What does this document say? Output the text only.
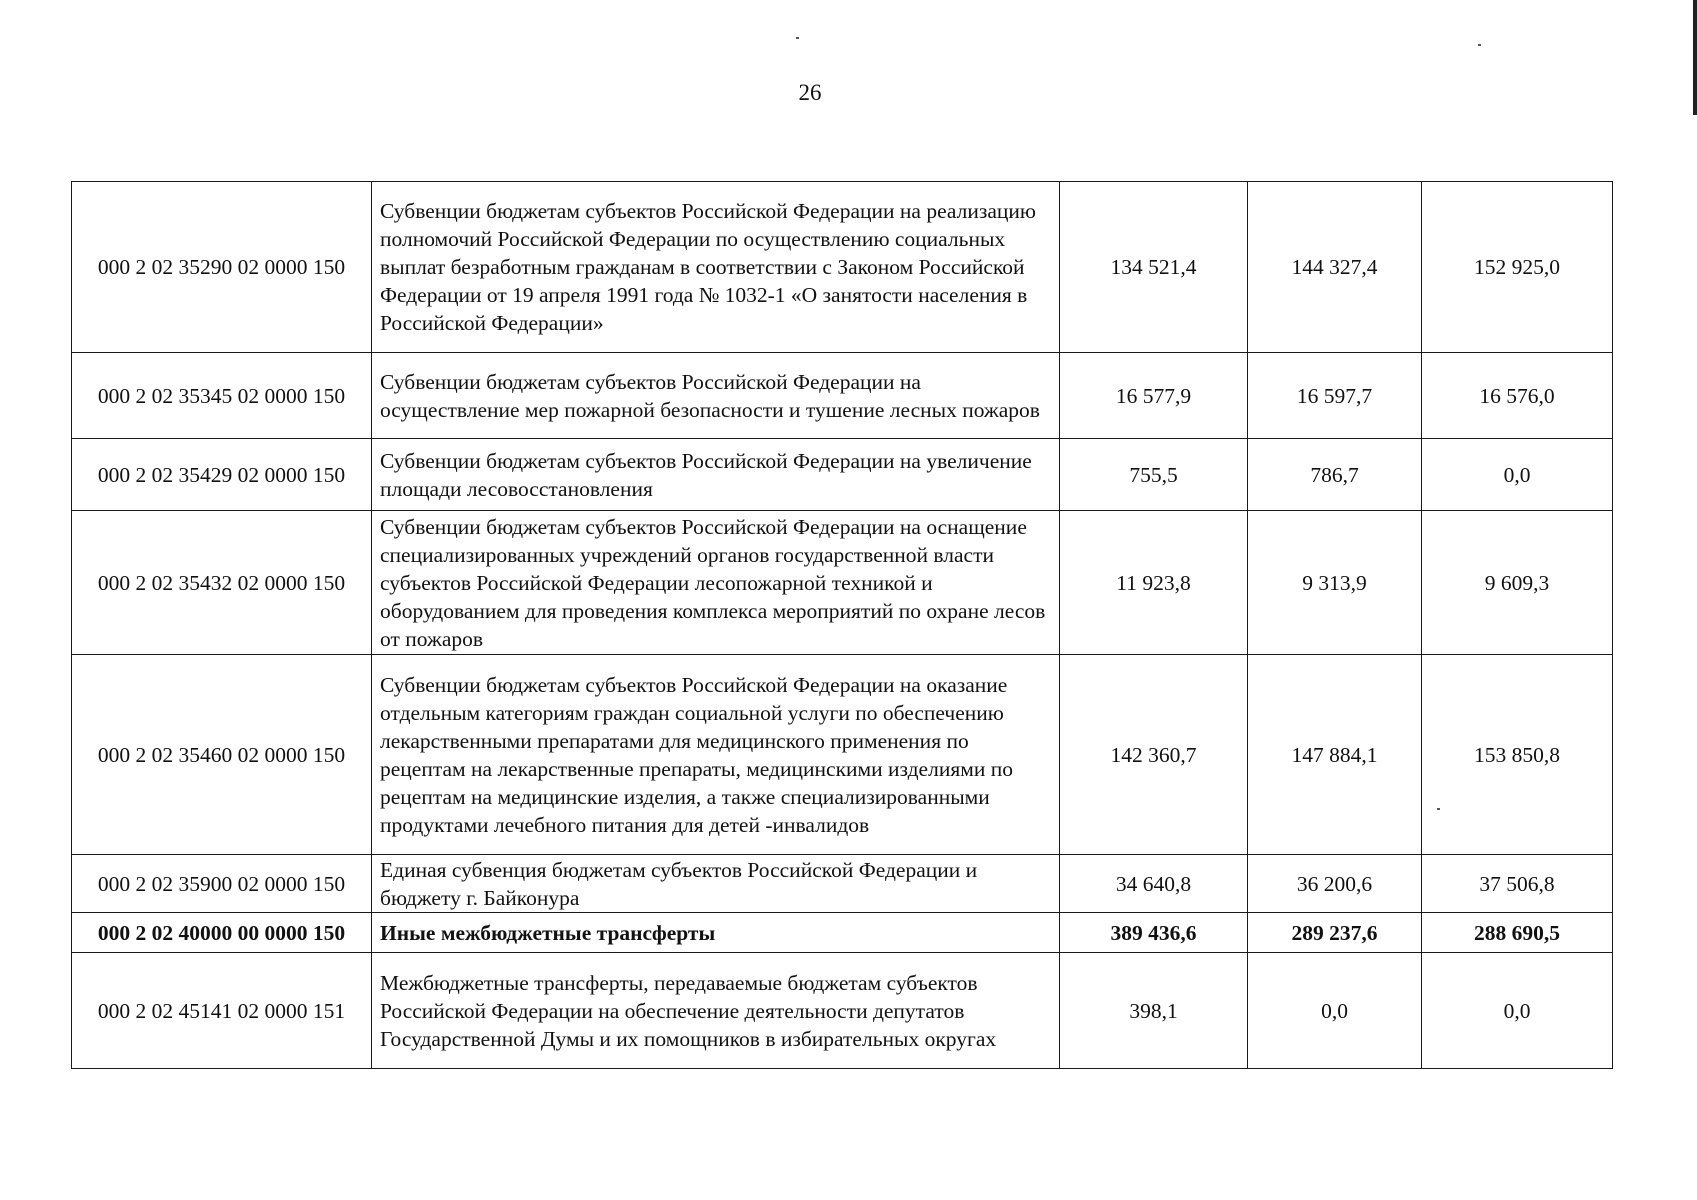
26
000 2 02 35290 02 0000 150	Субвенции бюджетам субъектов Российской Федерации на реализацию полномочий Российской Федерации по осуществлению социальных выплат безработным гражданам в соответствии с Законом Российской Федерации от 19 апреля 1991 года № 1032-1 «О занятости населения в Российской Федерации»	134 521,4	144 327,4	152 925,0
000 2 02 35345 02 0000 150	Субвенции бюджетам субъектов Российской Федерации на осуществление мер пожарной безопасности и тушение лесных пожаров	16 577,9	16 597,7	16 576,0
000 2 02 35429 02 0000 150	Субвенции бюджетам субъектов Российской Федерации на увеличение площади лесовосстановления	755,5	786,7	0,0
000 2 02 35432 02 0000 150	Субвенции бюджетам субъектов Российской Федерации на оснащение специализированных учреждений органов государственной власти субъектов Российской Федерации лесопожарной техникой и оборудованием для проведения комплекса мероприятий по охране лесов от пожаров	11 923,8	9 313,9	9 609,3
000 2 02 35460 02 0000 150	Субвенции бюджетам субъектов Российской Федерации на оказание отдельным категориям граждан социальной услуги по обеспечению лекарственными препаратами для медицинского применения по рецептам на лекарственные препараты, медицинскими изделиями по рецептам на медицинские изделия, а также специализированными продуктами лечебного питания для детей -инвалидов	142 360,7	147 884,1	153 850,8
000 2 02 35900 02 0000 150	Единая субвенция бюджетам субъектов Российской Федерации и бюджету г. Байконура	34 640,8	36 200,6	37 506,8
000 2 02 40000 00 0000 150	Иные межбюджетные трансферты	389 436,6	289 237,6	288 690,5
000 2 02 45141 02 0000 151	Межбюджетные трансферты, передаваемые бюджетам субъектов Российской Федерации на обеспечение деятельности депутатов Государственной Думы и их помощников в избирательных округах	398,1	0,0	0,0
